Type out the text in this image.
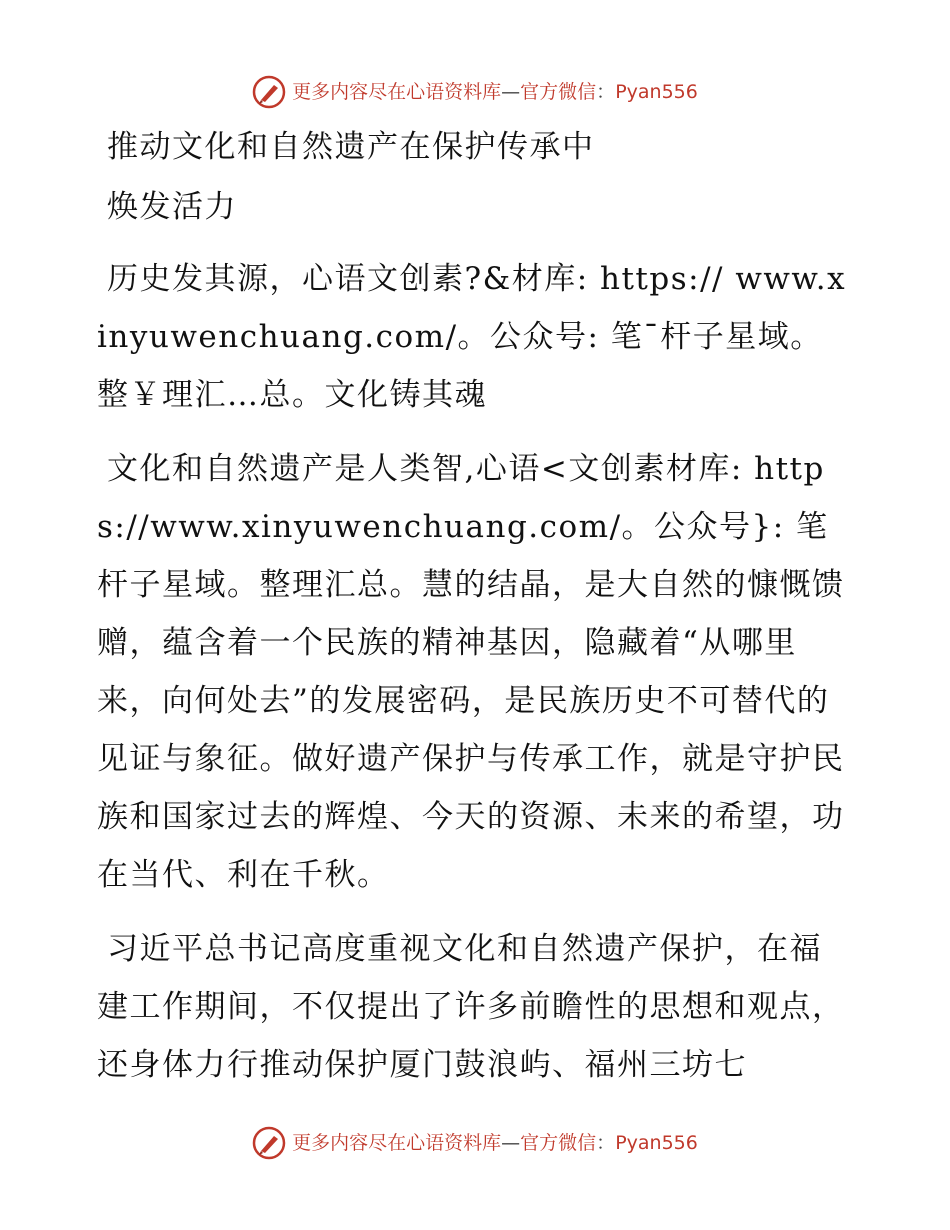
更多内容尽在心语资料库 — 官方微信 ： Pyan556

推动文化和自然遗产在保护传承中

焕发活力

历史发其源，心语文创素?&材库: https:// www.xinyuwenchuang.com/。公众号: 笔¯杆子星域。整￥理汇…总。文化铸其魂

文化和自然遗产是人类智,心语<文创素材库: https://www.xinyuwenchuang.com/。公众号}: 笔杆子星域。整理汇总。慧的结晶，是大自然的慷慨馈赠，蕴含着一个民族的精神基因，隐藏着“从哪里来，向何处去”的发展密码，是民族历史不可替代的见证与象征。做好遗产保护与传承工作，就是守护民族和国家过去的辉煌、今天的资源、未来的希望，功在当代、利在千秋。

习近平总书记高度重视文化和自然遗产保护，在福建工作期间，不仅提出了许多前瞻性的思想和观点，还身体力行推动保护厦门鼓浪屿、福州三坊七

更多内容尽在心语资料库 — 官方微信 ： Pyan556
